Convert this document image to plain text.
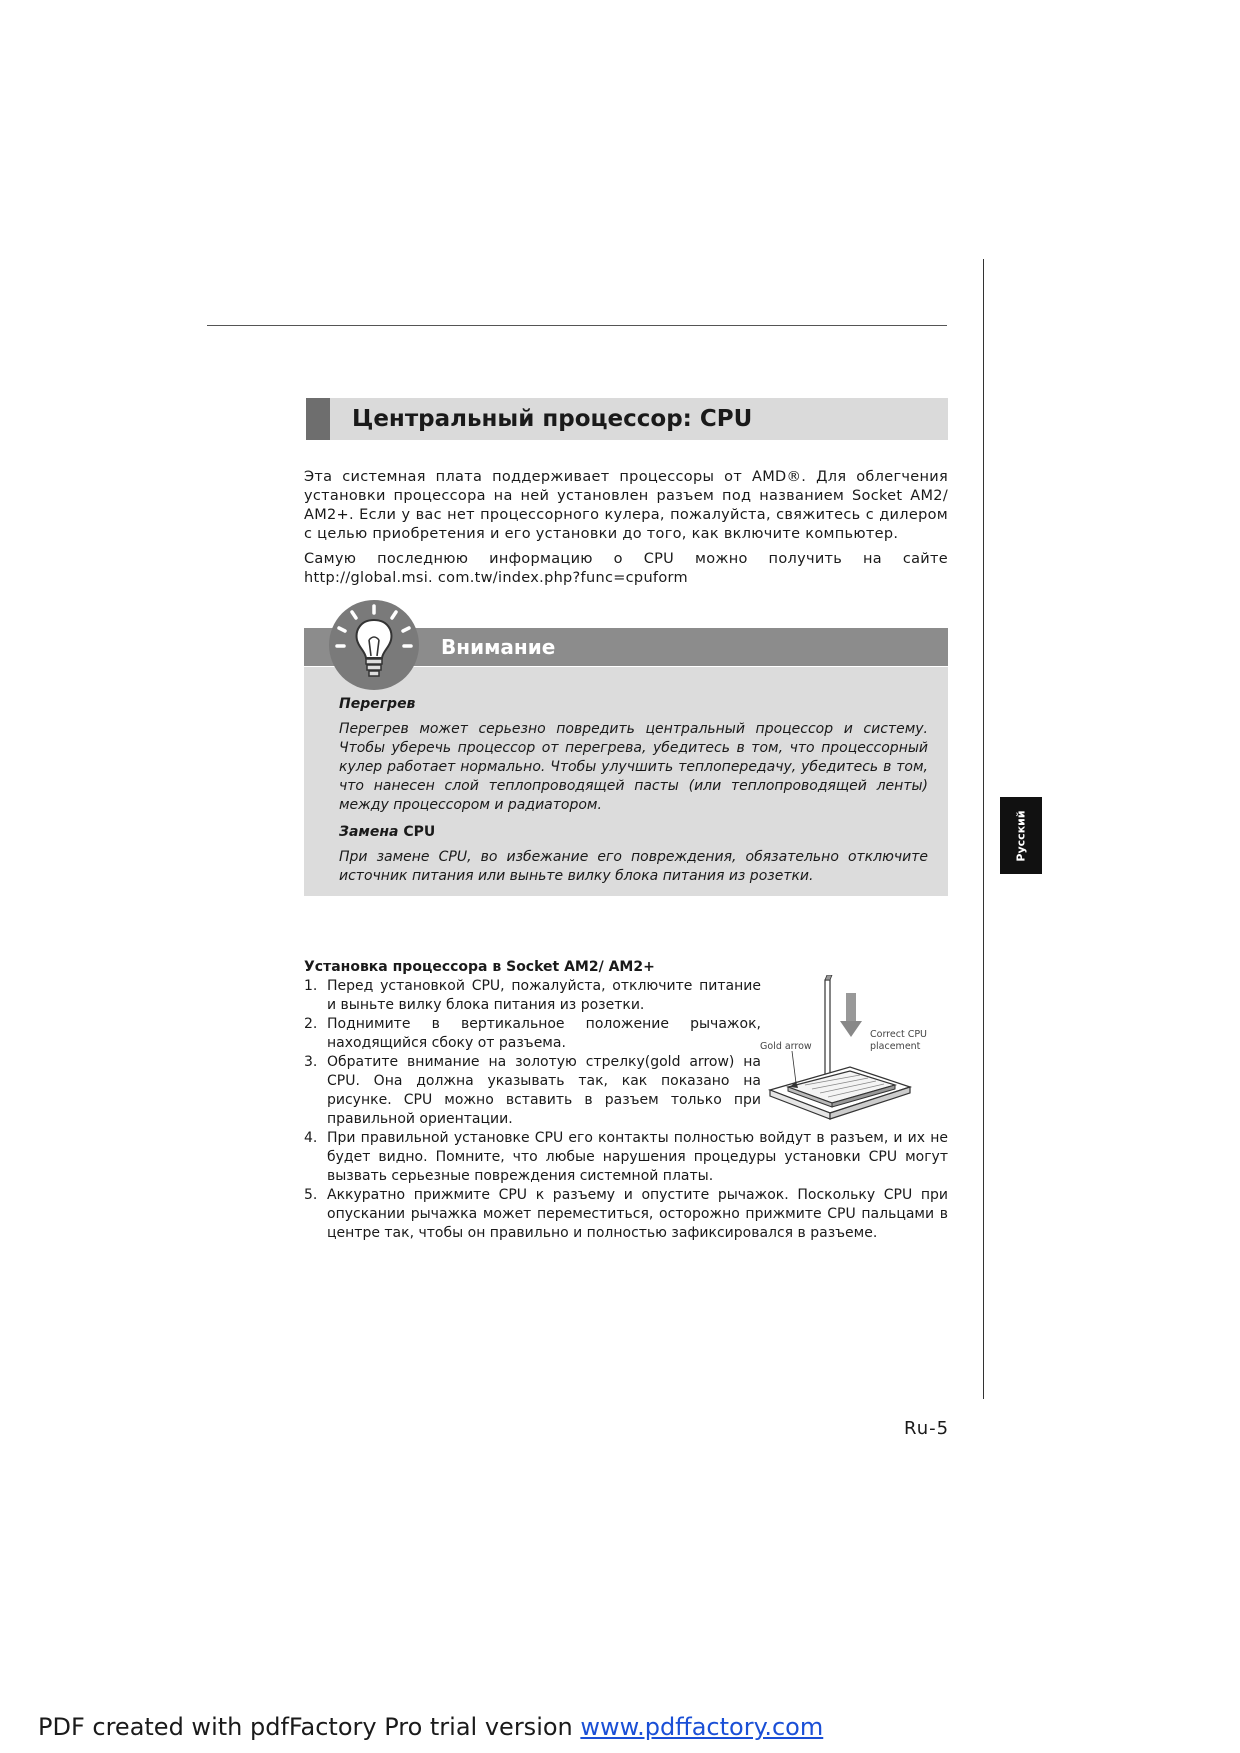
Русский
Центральный процессор: CPU
Эта системная плата поддерживает процессоры от AMD®. Для облегчения установки процессора на ней установлен разъем под названием Socket AM2/ AM2+. Если у вас нет процессорного кулера, пожалуйста, свяжитесь с дилером с целью приобретения и его установки до того, как включите компьютер.
Самую последнюю информацию о CPU можно получить на сайте http://global.msi. com.tw/index.php?func=cpuform
Внимание
Перегрев
Перегрев может серьезно повредить центральный процессор и систему. Чтобы уберечь процессор от перегрева, убедитесь в том, что процессорный кулер работает нормально. Чтобы улучшить теплопередачу, убедитесь в том, что нанесен слой теплопроводящей пасты (или теплопроводящей ленты) между процессором и радиатором.
Замена CPU
При замене CPU, во избежание его повреждения, обязательно отключите источник питания или выньте вилку блока питания из розетки.
Установка процессора в Socket AM2/ AM2+
1. Перед установкой CPU, пожалуйста, отключите питание и выньте вилку блока питания из розетки.
2. Поднимите в вертикальное положение рычажок, находящийся сбоку от разъема.
3. Обратите внимание на золотую стрелку(gold arrow) на CPU. Она должна указывать так, как показано на рисунке. CPU можно вставить в разъем только при правильной ориентации.
4. При правильной установке CPU его контакты полностью войдут в разъем, и их не будет видно. Помните, что любые нарушения процедуры установки CPU могут вызвать серьезные повреждения системной платы.
5. Аккуратно прижмите CPU к разъему и опустите рычажок. Поскольку CPU при опускании рычажка может переместиться, осторожно прижмите CPU пальцами в центре так, чтобы он правильно и полностью зафиксировался в разъеме.
Gold arrow
Correct CPU
placement
Ru-5
PDF created with pdfFactory Pro trial version www.pdffactory.com
